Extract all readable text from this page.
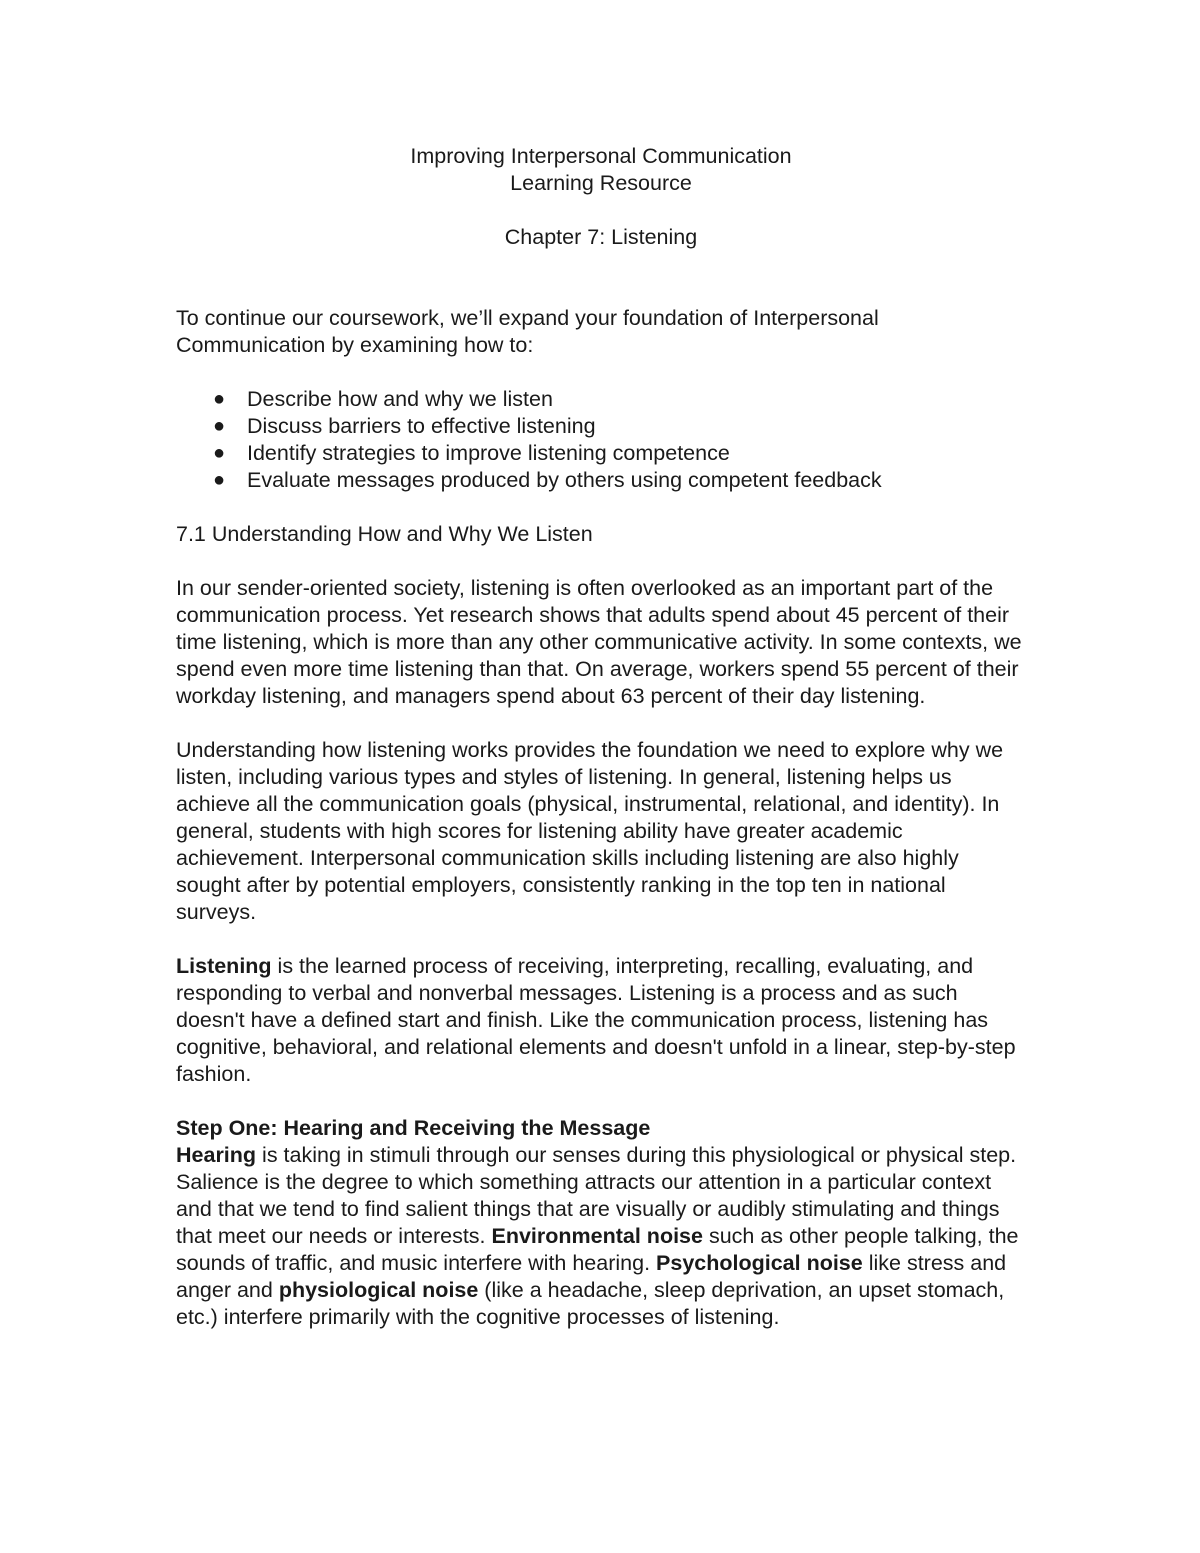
Improving Interpersonal Communication

Learning Resource

Chapter 7: Listening

To continue our coursework, we’ll expand your foundation of Interpersonal Communication by examining how to:

● Describe how and why we listen
● Discuss barriers to effective listening
● Identify strategies to improve listening competence
● Evaluate messages produced by others using competent feedback

7.1 Understanding How and Why We Listen

In our sender-oriented society, listening is often overlooked as an important part of the communication process. Yet research shows that adults spend about 45 percent of their time listening, which is more than any other communicative activity. In some contexts, we spend even more time listening than that. On average, workers spend 55 percent of their workday listening, and managers spend about 63 percent of their day listening.

Understanding how listening works provides the foundation we need to explore why we listen, including various types and styles of listening. In general, listening helps us achieve all the communication goals (physical, instrumental, relational, and identity). In general, students with high scores for listening ability have greater academic achievement. Interpersonal communication skills including listening are also highly sought after by potential employers, consistently ranking in the top ten in national surveys.

Listening is the learned process of receiving, interpreting, recalling, evaluating, and responding to verbal and nonverbal messages. Listening is a process and as such doesn't have a defined start and finish. Like the communication process, listening has cognitive, behavioral, and relational elements and doesn't unfold in a linear, step-by-step fashion.

Step One: Hearing and Receiving the Message

Hearing is taking in stimuli through our senses during this physiological or physical step. Salience is the degree to which something attracts our attention in a particular context and that we tend to find salient things that are visually or audibly stimulating and things that meet our needs or interests. Environmental noise such as other people talking, the sounds of traffic, and music interfere with hearing. Psychological noise like stress and anger and physiological noise (like a headache, sleep deprivation, an upset stomach, etc.) interfere primarily with the cognitive processes of listening.
